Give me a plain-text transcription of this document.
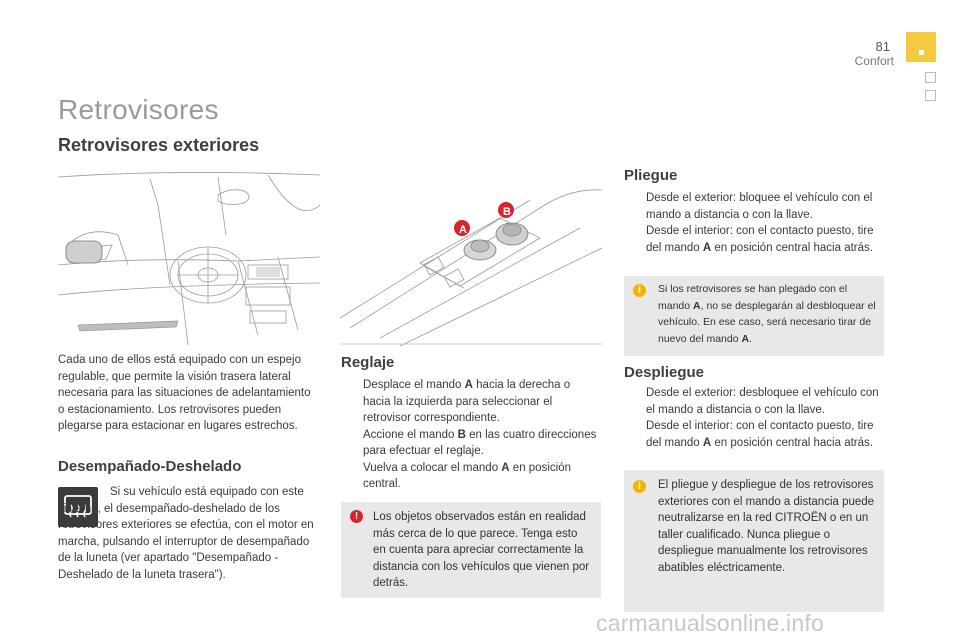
81
Confort
Retrovisores
Retrovisores exteriores
Cada uno de ellos está equipado con un espejo regulable, que permite la visión trasera lateral necesaria para las situaciones de adelantamiento o estacionamiento. Los retrovisores pueden plegarse para estacionar en lugares estrechos.
Desempañado-Deshelado
Si su vehículo está equipado con este sistema, el desempañado-deshelado de los retrovisores exteriores se efectúa, con el motor en marcha, pulsando el interruptor de desempañado de la luneta (ver apartado "Desempañado -Deshelado de la luneta trasera").
A
B
Reglaje
Desplace el mando A hacia la derecha o hacia la izquierda para seleccionar el retrovisor correspondiente.
Accione el mando B en las cuatro direcciones para efectuar el reglaje.
Vuelva a colocar el mando A en posición central.
!	Los objetos observados están en realidad más cerca de lo que parece. Tenga esto en cuenta para apreciar correctamente la distancia con los vehículos que vienen por detrás.
Pliegue
Desde el exterior: bloquee el vehículo con el mando a distancia o con la llave.
Desde el interior: con el contacto puesto, tire del mando A en posición central hacia atrás.
i	Si los retrovisores se han plegado con el mando A, no se desplegarán al desbloquear el vehículo. En ese caso, será necesario tirar de nuevo del mando A.
Despliegue
Desde el exterior: desbloquee el vehículo con el mando a distancia o con la llave.
Desde el interior: con el contacto puesto, tire del mando A en posición central hacia atrás.
i	El pliegue y despliegue de los retrovisores exteriores con el mando a distancia puede neutralizarse en la red CITROËN o en un taller cualificado. Nunca pliegue o despliegue manualmente los retrovisores abatibles eléctricamente.
carmanualsonline.info
